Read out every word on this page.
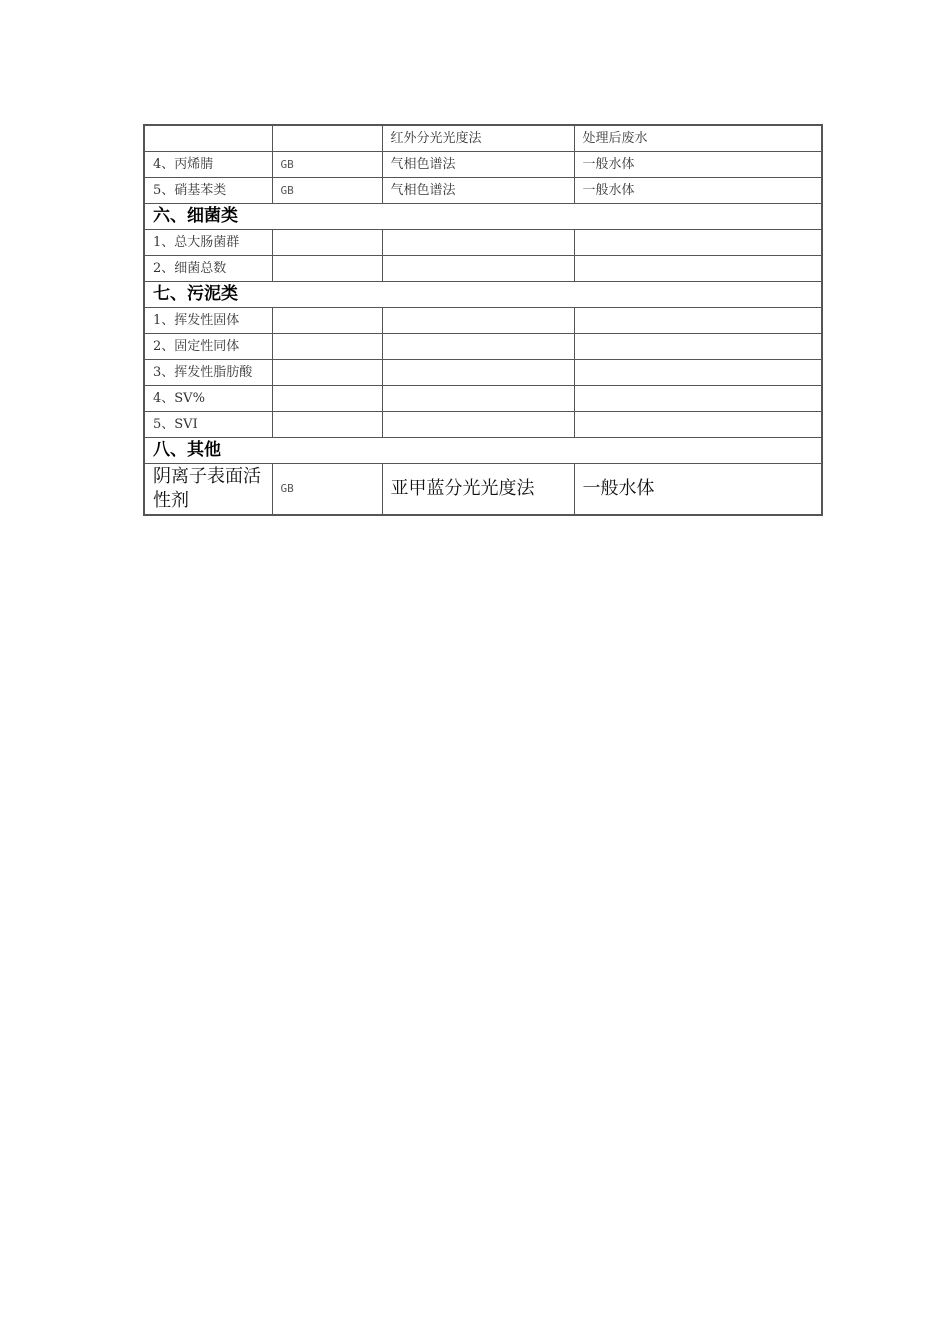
		红外分光光度法	处理后废水
4、丙烯腈	GB	气相色谱法	一般水体
5、硝基苯类	GB	气相色谱法	一般水体
六、细菌类			
1、总大肠菌群			
2、细菌总数			
七、污泥类			
1、挥发性固体			
2、固定性同体			
3、挥发性脂肪酸			
4、SV%			
5、SVI			
八、其他			
阴离子表面活性剂	GB	亚甲蓝分光光度法	一般水体
